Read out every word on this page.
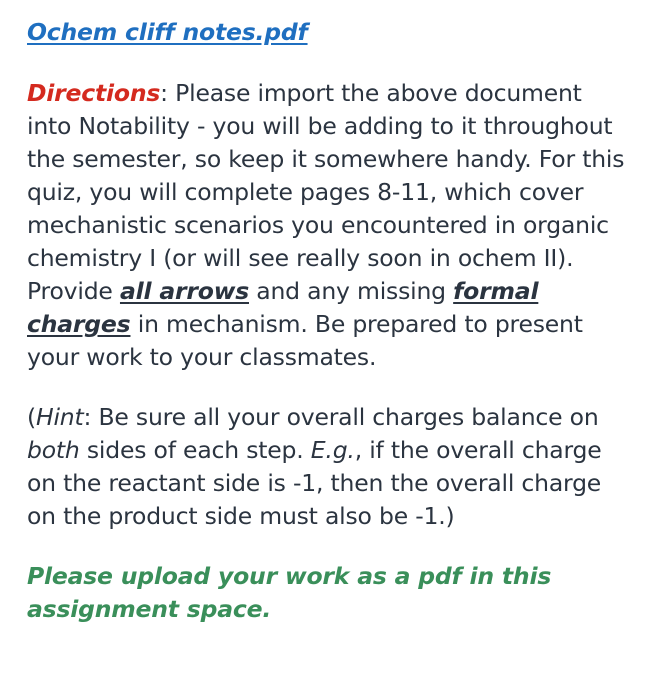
Ochem cliff notes.pdf

Directions: Please import the above document into Notability - you will be adding to it throughout the semester, so keep it somewhere handy. For this quiz, you will complete pages 8-11, which cover mechanistic scenarios you encountered in organic chemistry I (or will see really soon in ochem II). Provide all arrows and any missing formal charges in mechanism. Be prepared to present your work to your classmates.

(Hint: Be sure all your overall charges balance on both sides of each step. E.g., if the overall charge on the reactant side is -1, then the overall charge on the product side must also be -1.)

Please upload your work as a pdf in this assignment space.
